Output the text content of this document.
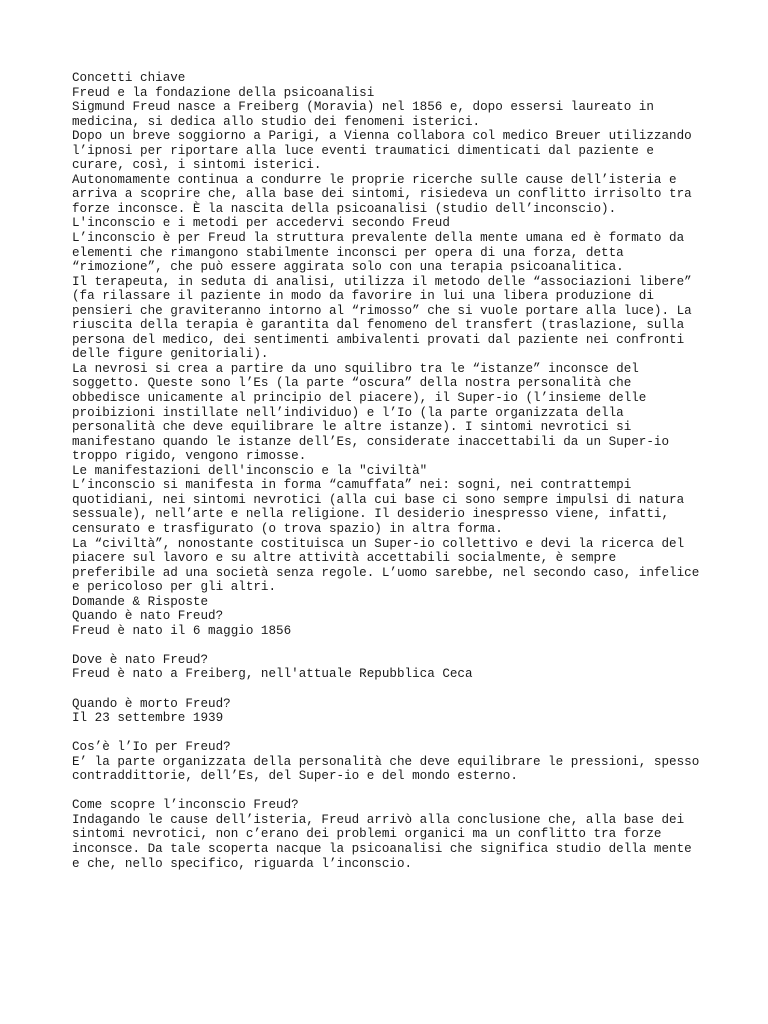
Concetti chiave
Freud e la fondazione della psicoanalisi
Sigmund Freud nasce a Freiberg (Moravia) nel 1856 e, dopo essersi laureato in
medicina, si dedica allo studio dei fenomeni isterici.
Dopo un breve soggiorno a Parigi, a Vienna collabora col medico Breuer utilizzando
l’ipnosi per riportare alla luce eventi traumatici dimenticati dal paziente e
curare, così, i sintomi isterici.
Autonomamente continua a condurre le proprie ricerche sulle cause dell’isteria e
arriva a scoprire che, alla base dei sintomi, risiedeva un conflitto irrisolto tra
forze inconsce. È la nascita della psicoanalisi (studio dell’inconscio).
L'inconscio e i metodi per accedervi secondo Freud
L’inconscio è per Freud la struttura prevalente della mente umana ed è formato da
elementi che rimangono stabilmente inconsci per opera di una forza, detta
“rimozione”, che può essere aggirata solo con una terapia psicoanalitica.
Il terapeuta, in seduta di analisi, utilizza il metodo delle “associazioni libere”
(fa rilassare il paziente in modo da favorire in lui una libera produzione di
pensieri che graviteranno intorno al “rimosso” che si vuole portare alla luce). La
riuscita della terapia è garantita dal fenomeno del transfert (traslazione, sulla
persona del medico, dei sentimenti ambivalenti provati dal paziente nei confronti
delle figure genitoriali).
La nevrosi si crea a partire da uno squilibro tra le “istanze” inconsce del
soggetto. Queste sono l’Es (la parte “oscura” della nostra personalità che
obbedisce unicamente al principio del piacere), il Super-io (l’insieme delle
proibizioni instillate nell’individuo) e l’Io (la parte organizzata della
personalità che deve equilibrare le altre istanze). I sintomi nevrotici si
manifestano quando le istanze dell’Es, considerate inaccettabili da un Super-io
troppo rigido, vengono rimosse.
Le manifestazioni dell'inconscio e la "civiltà"
L’inconscio si manifesta in forma “camuffata” nei: sogni, nei contrattempi
quotidiani, nei sintomi nevrotici (alla cui base ci sono sempre impulsi di natura
sessuale), nell’arte e nella religione. Il desiderio inespresso viene, infatti,
censurato e trasfigurato (o trova spazio) in altra forma.
La “civiltà”, nonostante costituisca un Super-io collettivo e devi la ricerca del
piacere sul lavoro e su altre attività accettabili socialmente, è sempre
preferibile ad una società senza regole. L’uomo sarebbe, nel secondo caso, infelice
e pericoloso per gli altri.
Domande & Risposte
Quando è nato Freud?
Freud è nato il 6 maggio 1856
Dove è nato Freud?
Freud è nato a Freiberg, nell'attuale Repubblica Ceca
Quando è morto Freud?
Il 23 settembre 1939
Cos’è l’Io per Freud?
E’ la parte organizzata della personalità che deve equilibrare le pressioni, spesso
contraddittorie, dell’Es, del Super-io e del mondo esterno.
Come scopre l’inconscio Freud?
Indagando le cause dell’isteria, Freud arrivò alla conclusione che, alla base dei
sintomi nevrotici, non c’erano dei problemi organici ma un conflitto tra forze
inconsce. Da tale scoperta nacque la psicoanalisi che significa studio della mente
e che, nello specifico, riguarda l’inconscio.
